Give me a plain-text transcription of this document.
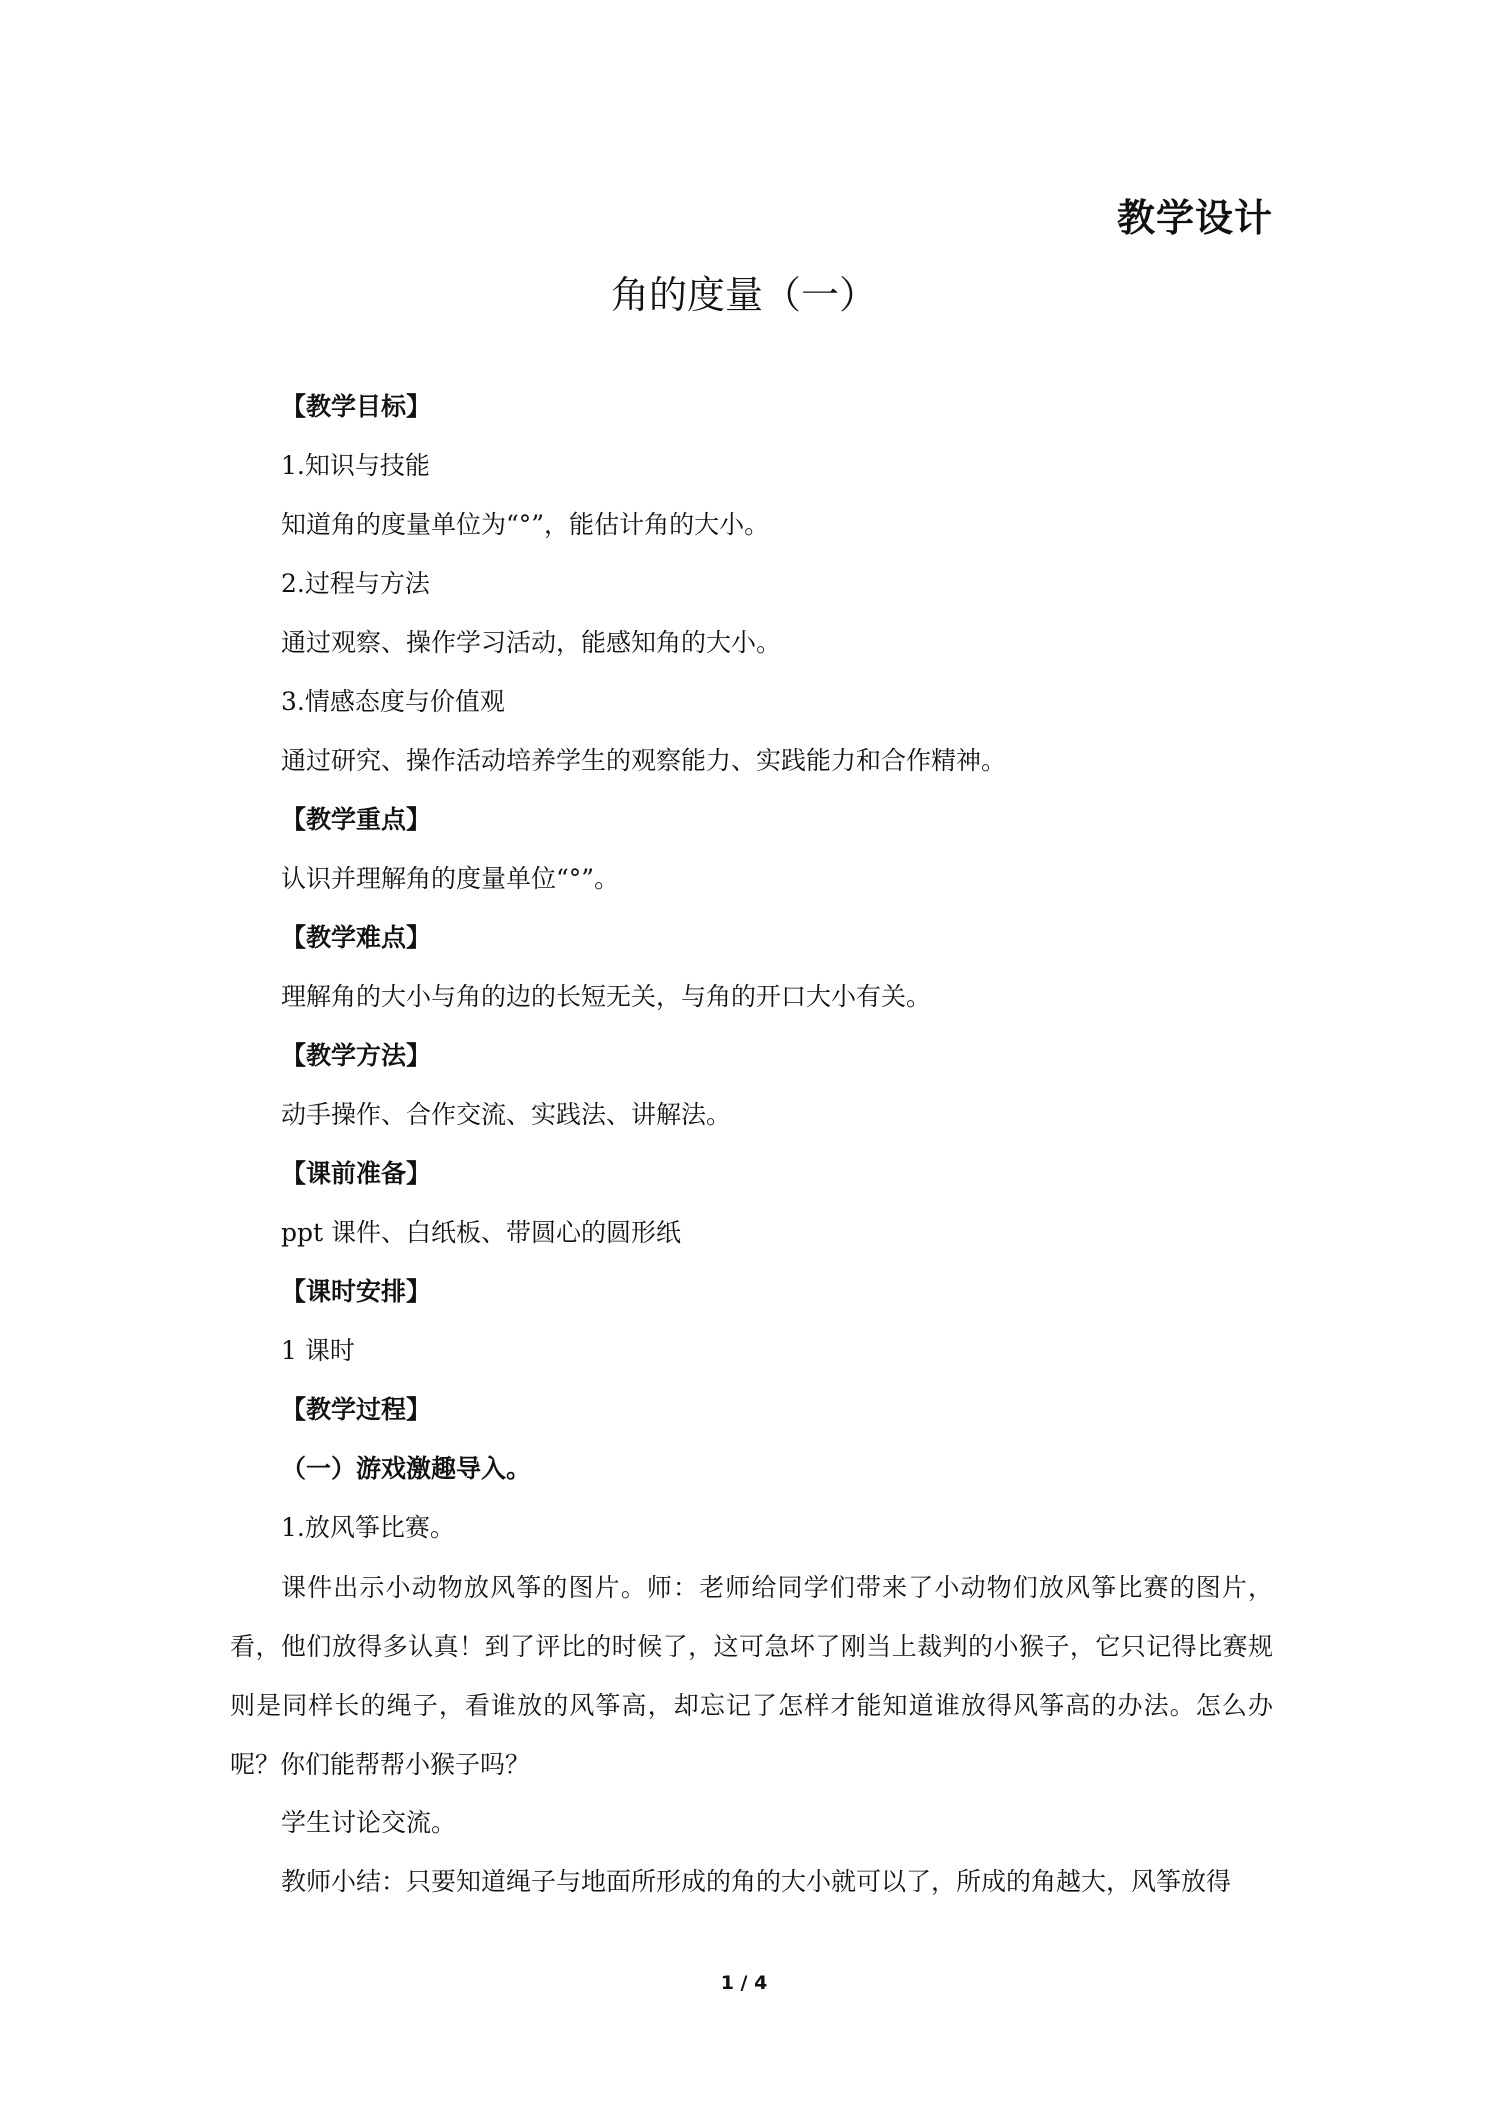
教学设计
角的度量（一）
【教学目标】
1.知识与技能
知道角的度量单位为“°”，能估计角的大小。
2.过程与方法
通过观察、操作学习活动，能感知角的大小。
3.情感态度与价值观
通过研究、操作活动培养学生的观察能力、实践能力和合作精神。
【教学重点】
认识并理解角的度量单位“°”。
【教学难点】
理解角的大小与角的边的长短无关，与角的开口大小有关。
【教学方法】
动手操作、合作交流、实践法、讲解法。
【课前准备】
ppt 课件、白纸板、带圆心的圆形纸
【课时安排】
1 课时
【教学过程】
（一）游戏激趣导入。
1.放风筝比赛。

课件出示小动物放风筝的图片。师：老师给同学们带来了小动物们放风筝比赛的图片，看，他们放得多认真！到了评比的时候了，这可急坏了刚当上裁判的小猴子，它只记得比赛规则是同样长的绳子，看谁放的风筝高，却忘记了怎样才能知道谁放得风筝高的办法。怎么办呢？你们能帮帮小猴子吗？

学生讨论交流。
教师小结：只要知道绳子与地面所形成的角的大小就可以了，所成的角越大，风筝放得
1 / 4
